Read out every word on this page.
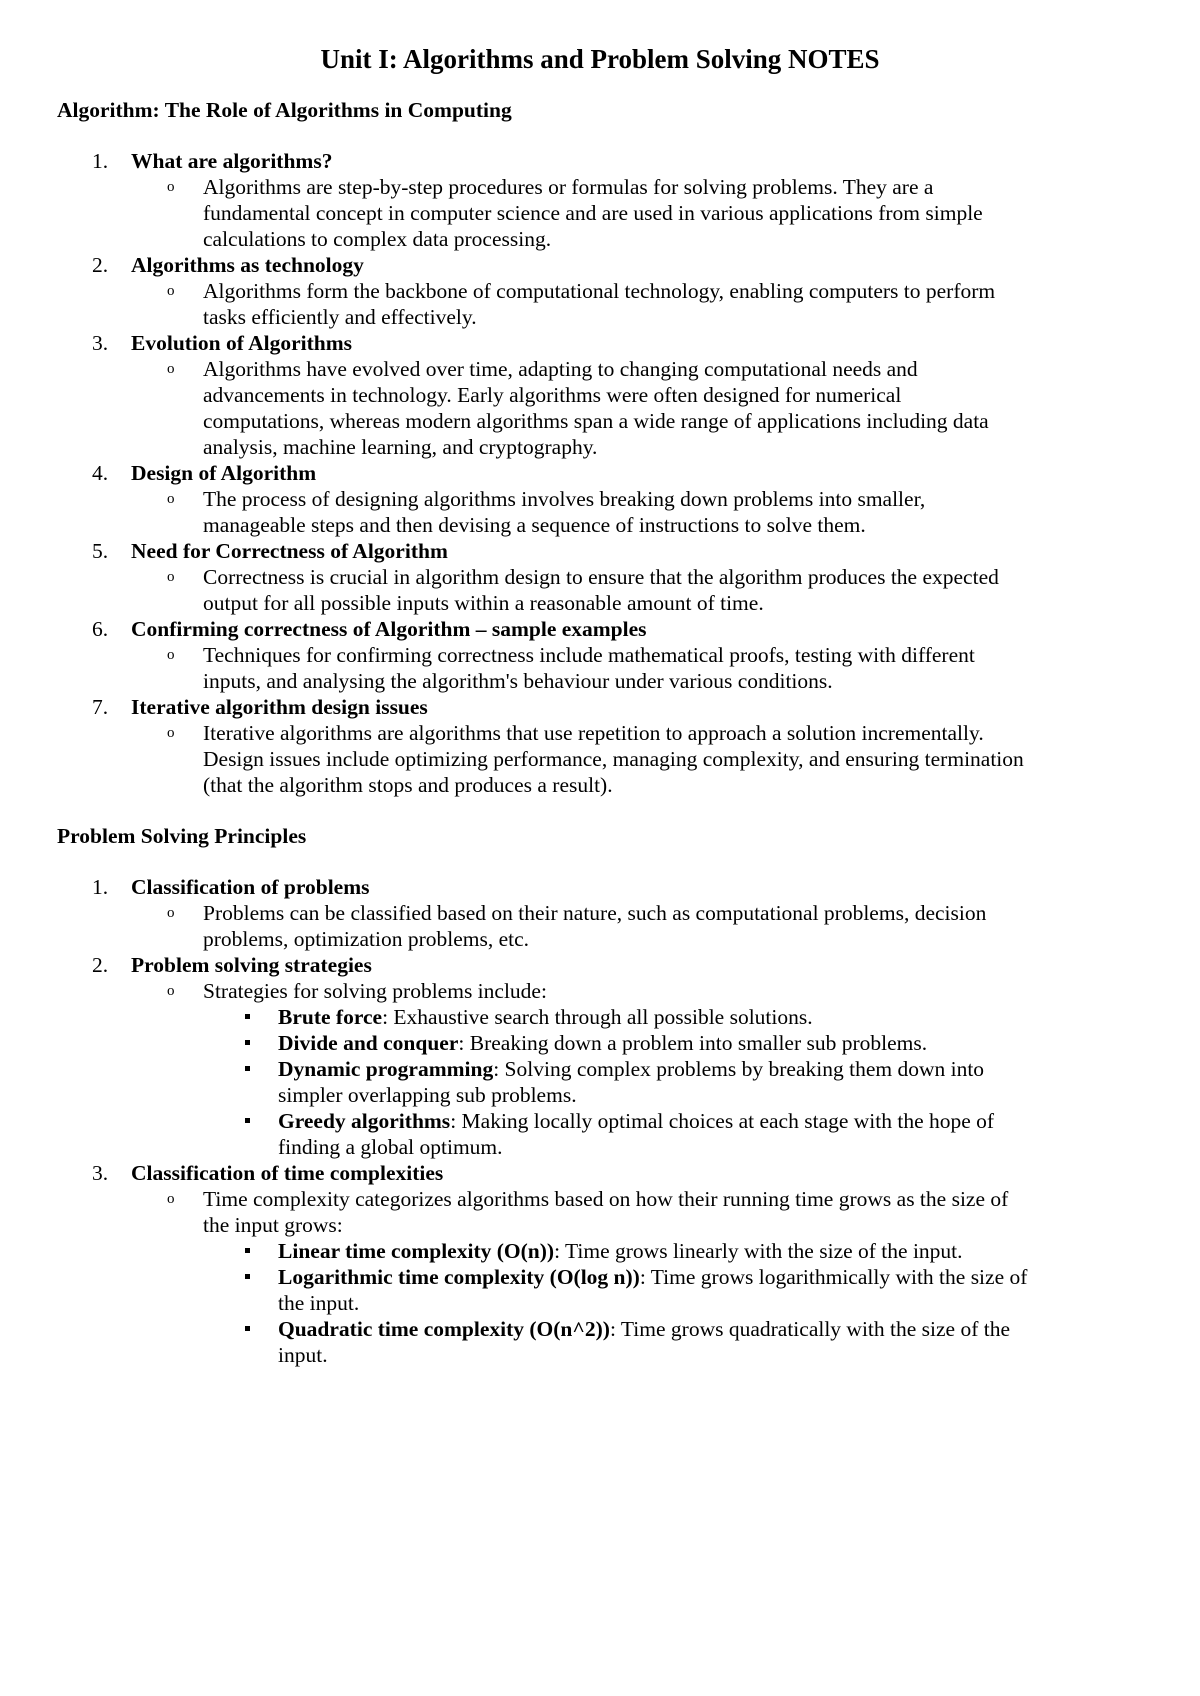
Unit I: Algorithms and Problem Solving NOTES
Algorithm: The Role of Algorithms in Computing
1. What are algorithms?
o Algorithms are step-by-step procedures or formulas for solving problems. They are a
fundamental concept in computer science and are used in various applications from simple
calculations to complex data processing.
2. Algorithms as technology
o Algorithms form the backbone of computational technology, enabling computers to perform
tasks efficiently and effectively.
3. Evolution of Algorithms
o Algorithms have evolved over time, adapting to changing computational needs and
advancements in technology. Early algorithms were often designed for numerical
computations, whereas modern algorithms span a wide range of applications including data
analysis, machine learning, and cryptography.
4. Design of Algorithm
o The process of designing algorithms involves breaking down problems into smaller,
manageable steps and then devising a sequence of instructions to solve them.
5. Need for Correctness of Algorithm
o Correctness is crucial in algorithm design to ensure that the algorithm produces the expected
output for all possible inputs within a reasonable amount of time.
6. Confirming correctness of Algorithm – sample examples
o Techniques for confirming correctness include mathematical proofs, testing with different
inputs, and analysing the algorithm's behaviour under various conditions.
7. Iterative algorithm design issues
o Iterative algorithms are algorithms that use repetition to approach a solution incrementally.
Design issues include optimizing performance, managing complexity, and ensuring termination
(that the algorithm stops and produces a result).
Problem Solving Principles
1. Classification of problems
o Problems can be classified based on their nature, such as computational problems, decision
problems, optimization problems, etc.
2. Problem solving strategies
o Strategies for solving problems include:
Brute force: Exhaustive search through all possible solutions.
Divide and conquer: Breaking down a problem into smaller sub problems.
Dynamic programming: Solving complex problems by breaking them down into
simpler overlapping sub problems.
Greedy algorithms: Making locally optimal choices at each stage with the hope of
finding a global optimum.
3. Classification of time complexities
o Time complexity categorizes algorithms based on how their running time grows as the size of
the input grows:
Linear time complexity (O(n)): Time grows linearly with the size of the input.
Logarithmic time complexity (O(log n)): Time grows logarithmically with the size of
the input.
Quadratic time complexity (O(n^2)): Time grows quadratically with the size of the
input.
